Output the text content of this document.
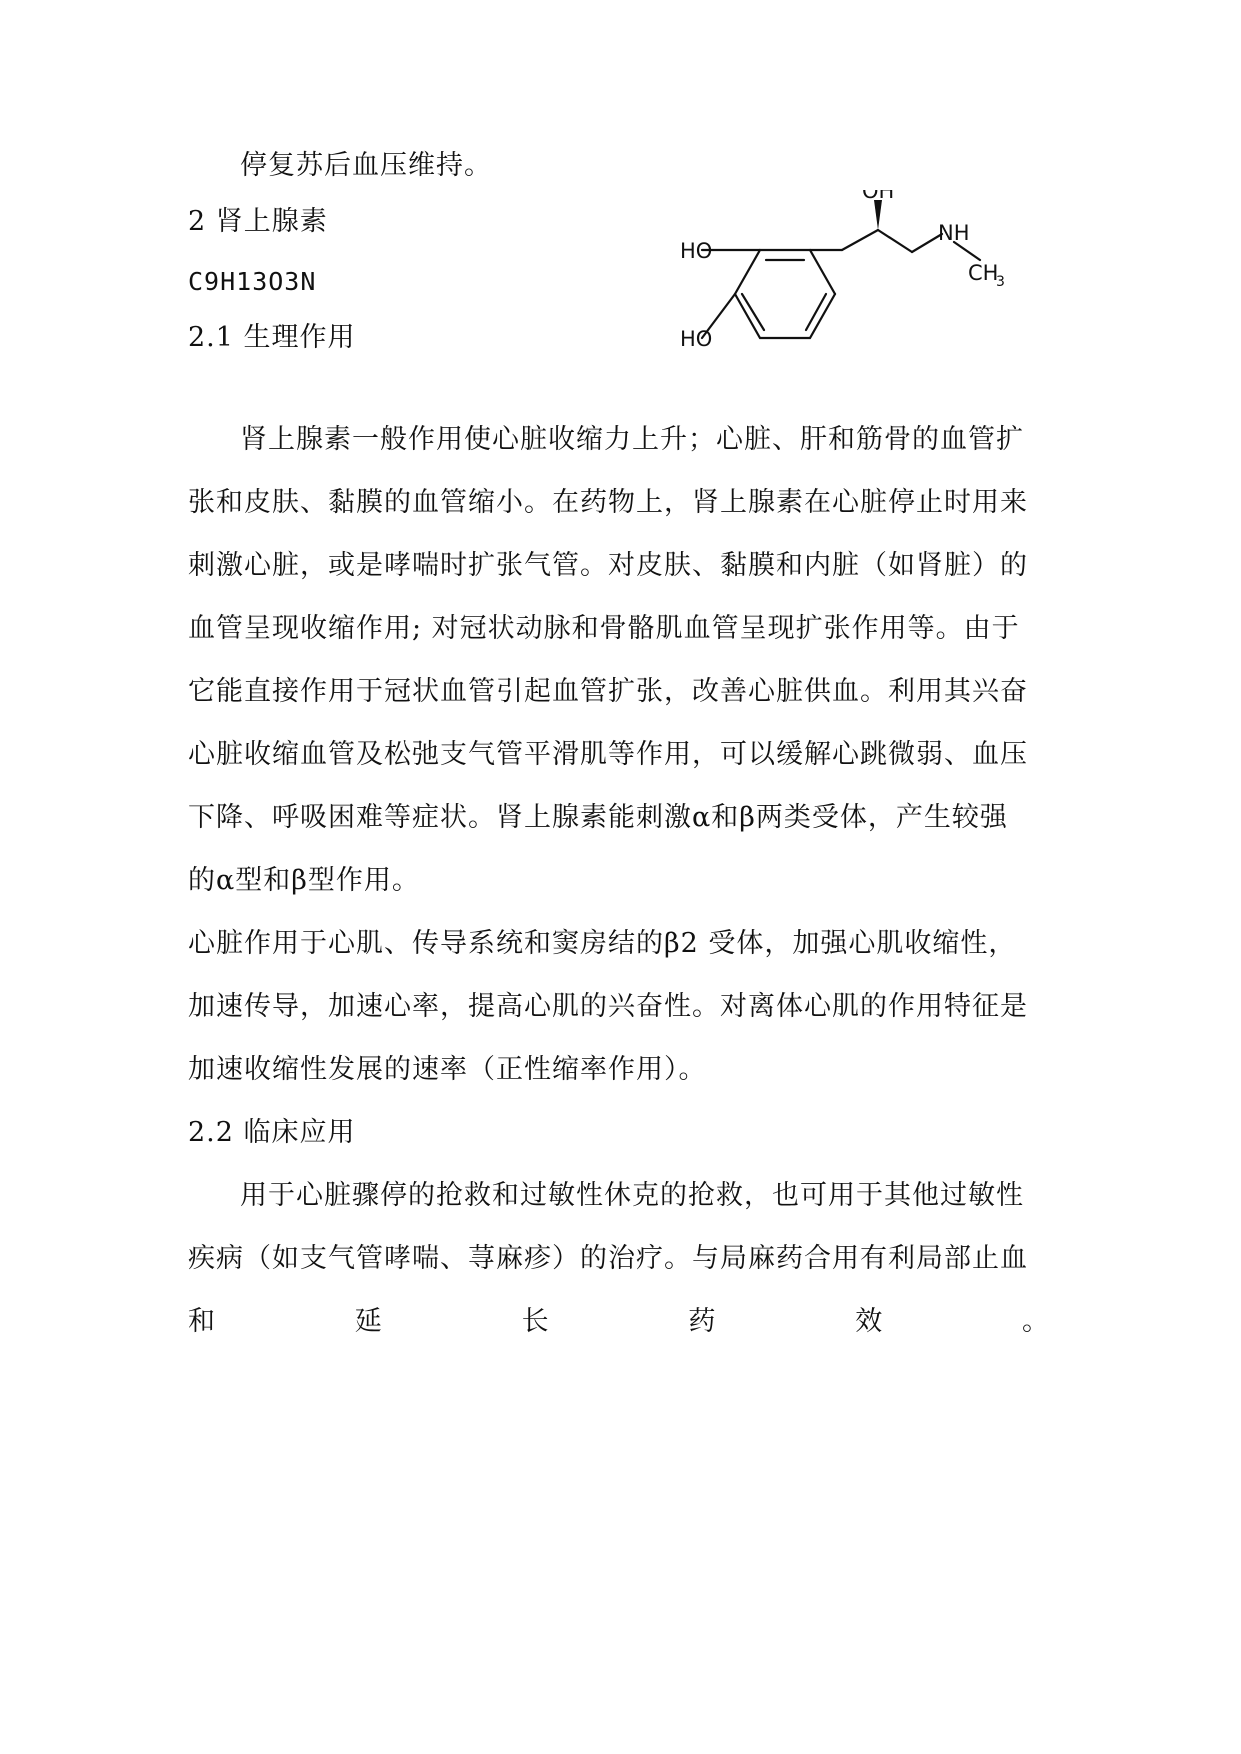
停复苏后血压维持。
2 肾上腺素
C9H13O3N
2.1 生理作用
OH
HO
HO
NH
CH
3
肾上腺素一般作用使心脏收缩力上升；心脏、肝和筋骨的血管扩
张和皮肤、黏膜的血管缩小。在药物上，肾上腺素在心脏停止时用来
刺激心脏，或是哮喘时扩张气管。对皮肤、黏膜和内脏（如肾脏）的
血管呈现收缩作用; 对冠状动脉和骨骼肌血管呈现扩张作用等。由于
它能直接作用于冠状血管引起血管扩张，改善心脏供血。利用其兴奋
心脏收缩血管及松弛支气管平滑肌等作用，可以缓解心跳微弱、血压
下降、呼吸困难等症状。肾上腺素能刺激α和β两类受体，产生较强
的α型和β型作用。
心脏作用于心肌、传导系统和窦房结的β2 受体，加强心肌收缩性，
加速传导，加速心率，提高心肌的兴奋性。对离体心肌的作用特征是
加速收缩性发展的速率（正性缩率作用）。
2.2 临床应用
用于心脏骤停的抢救和过敏性休克的抢救，也可用于其他过敏性
疾病（如支气管哮喘、荨麻疹）的治疗。与局麻药合用有利局部止血
和	延	长	药	效	。
